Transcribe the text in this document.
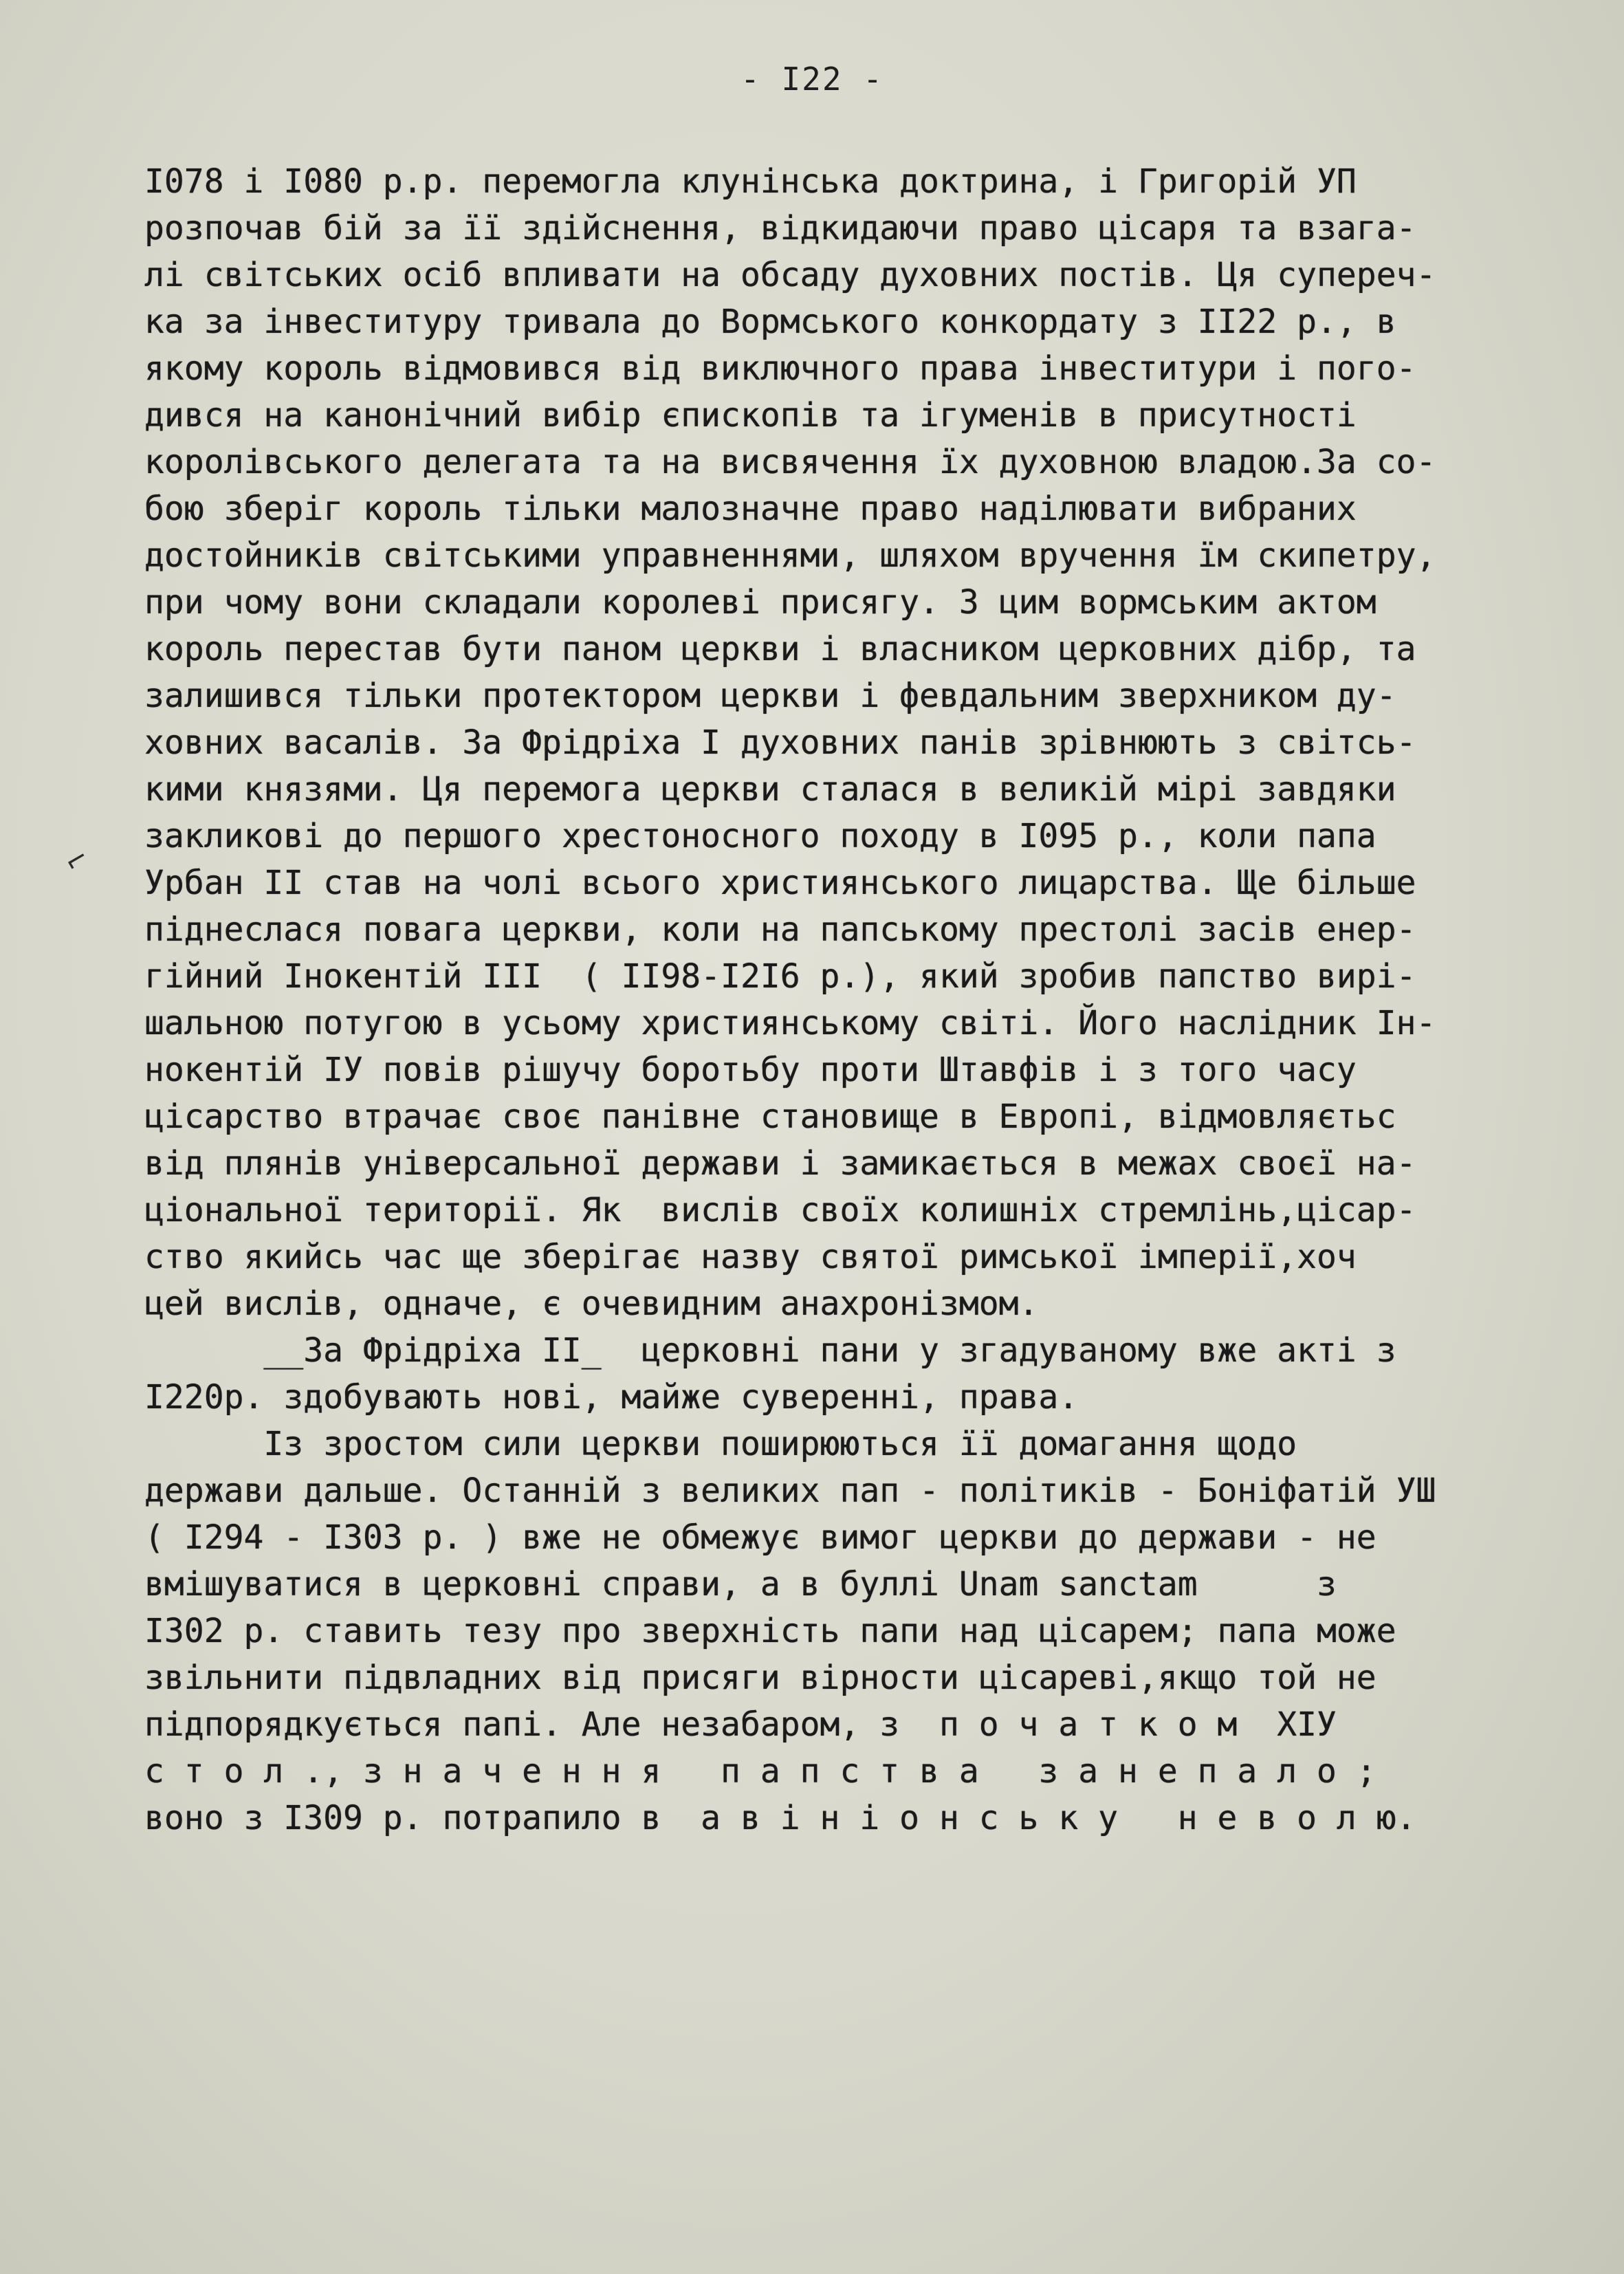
- I22 -
⌐
I078 і I080 р.р. перемогла клунінська доктрина, і Григорій УП
розпочав бій за її здійснення, відкидаючи право цісаря та взага-
лі світських осіб впливати на обсаду духовних постів. Ця супереч-
ка за інвеституру тривала до Вормського конкордату з II22 р., в
якому король відмовився від виключного права інвеститури і пого-
дився на канонічний вибір єпископів та ігуменів в присутності
королівського делегата та на висвячення їх духовною владою.За со-
бою зберіг король тільки малозначне право наділювати вибраних
достойників світськими управненнями, шляхом вручення їм скипетру,
при чому вони складали королеві присягу. З цим вормським актом
король перестав бути паном церкви і власником церковних дібр, та
залишився тільки протектором церкви і февдальним зверхником ду-
ховних васалів. За Фрідріха I духовних панів зрівнюють з світсь-
кими князями. Ця перемога церкви сталася в великій мірі завдяки
закликові до першого хрестоносного походу в I095 р., коли папа
Урбан II став на чолі всього християнського лицарства. Ще більше
піднеслася повага церкви, коли на папському престолі засів енер-
гійний Інокентій III  ( II98-I2I6 р.), який зробив папство вирі-
шальною потугою в усьому християнському світі. Його наслідник Ін-
нокентій IУ повів рішучу боротьбу проти Штавфів і з того часу
цісарство втрачає своє панівне становище в Европі, відмовляєтьс
від плянів універсальної держави і замикається в межах своєї на-
ціональної території. Як  вислів своїх колишніх стремлінь,цісар-
ство якийсь час ще зберігає назву святої римської імперії,хоч
цей вислів, одначе, є очевидним анахронізмом.
__За Фрідріха II_  церковні пани у згадуваному вже акті з
I220р. здобувають нові, майже суверенні, права.
Із зростом сили церкви поширюються її домагання щодо
держави дальше. Останній з великих пап - політиків - Боніфатій УШ
( I294 - I303 р. ) вже не обмежує вимог церкви до держави - не
вмішуватися в церковні справи, а в буллі Unam sanctam      з
I302 р. ставить тезу про зверхність папи над цісарем; папа може
звільнити підвладних від присяги вірности цісареві,якщо той не
підпорядкується папі. Але незабаром, з  п о ч а т к о м  XIУ
с т о л ., з н а ч е н н я   п а п с т в а   з а н е п а л о ;
воно з I309 р. потрапило в  а в і н і о н с ь к у   н е в о л ю.
